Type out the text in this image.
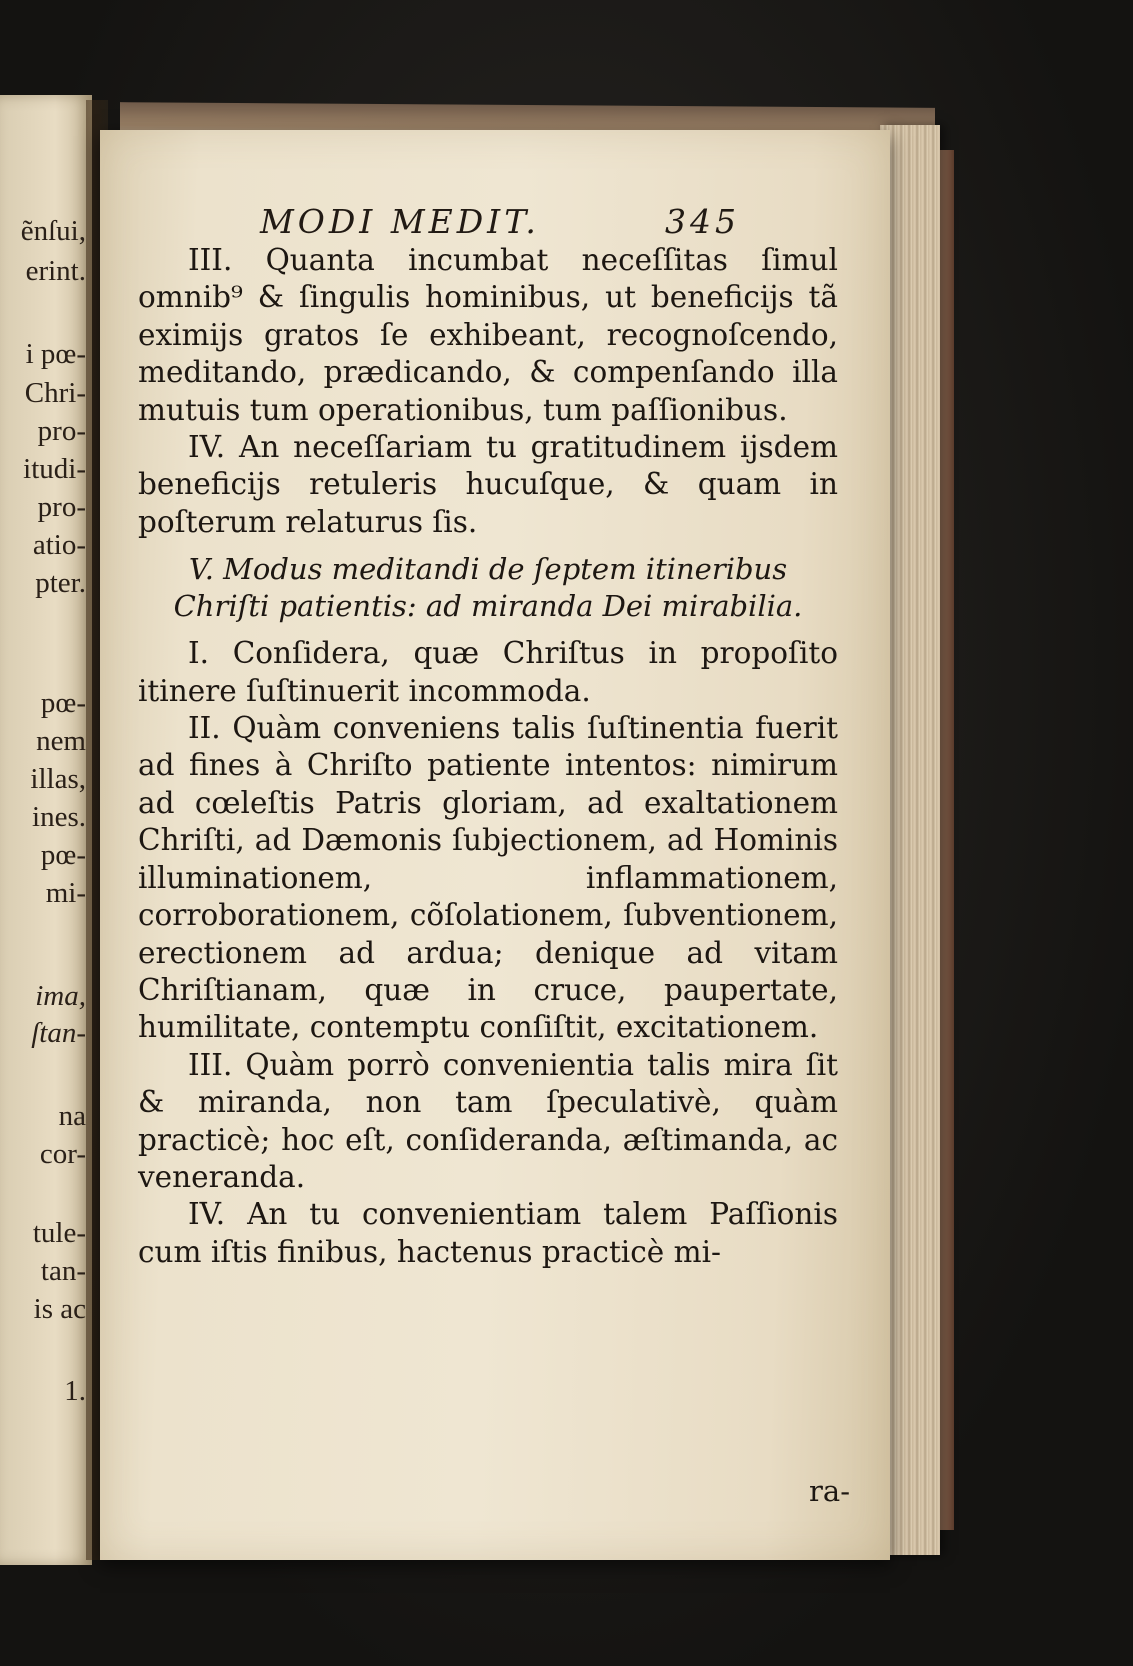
ẽnſui,
erint.
i pœ-
Chri-
pro-
itudi-
pro-
atio-
pter.
pœ-
nem
illas,
ines.
pœ-
mi-
ima,
ſtan-
na
cor-
tule-
tan-
is ac
1.
MODI MEDIT.	345

III. Quanta incumbat neceſſitas ſimul omnib⁹ & ſingulis hominibus, ut beneficijs tã eximijs gratos ſe exhibeant, recognoſcendo, meditando, prædicando, & compenſando illa mutuis tum operationibus, tum paſſionibus.

IV. An neceſſariam tu gratitudinem ijsdem beneficijs retuleris hucuſque, & quam in poſterum relaturus ſis.

V. Modus meditandi de ſeptem itineribus Chriſti patientis: ad miranda Dei mirabilia.

I. Conſidera, quæ Chriſtus in propoſito itinere ſuſtinuerit incommoda.

II. Quàm conveniens talis ſuſtinentia fuerit ad fines à Chriſto patiente intentos: nimirum ad cœleſtis Patris gloriam, ad exaltationem Chriſti, ad Dæmonis ſubjectionem, ad Hominis illuminationem, inflammationem, corroborationem, cõſolationem, ſubventionem, erectionem ad ardua; denique ad vitam Chriſtianam, quæ in cruce, paupertate, humilitate, contemptu conſiſtit, excitationem.

III. Quàm porrò convenientia talis mira ſit & miranda, non tam ſpeculativè, quàm practicè; hoc eſt, conſideranda, æſtimanda, ac veneranda.

IV. An tu convenientiam talem Paſſionis cum iſtis finibus, hactenus practicè mi-

ra-
